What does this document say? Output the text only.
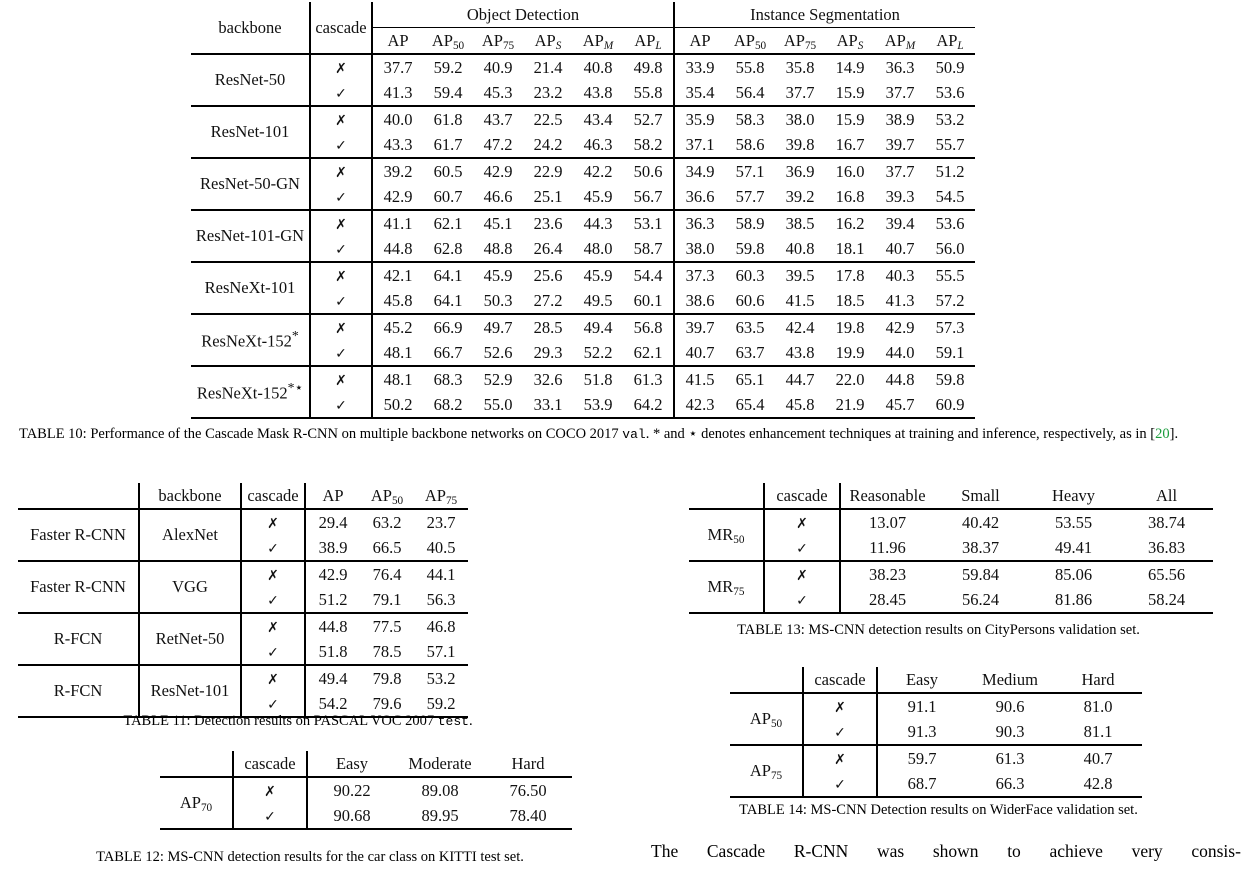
backbone	cascade	Object Detection						Instance Segmentation					
		AP	$AP_{50}$	$AP_{75}$	$AP_S$	$AP_M$	$AP_L$	AP	$AP_{50}$	$AP_{75}$	$AP_S$	$AP_M$	$AP_L$
ResNet-50	✗	37.7	59.2	40.9	21.4	40.8	49.8	33.9	55.8	35.8	14.9	36.3	50.9
	✓	41.3	59.4	45.3	23.2	43.8	55.8	35.4	56.4	37.7	15.9	37.7	53.6
ResNet-101	✗	40.0	61.8	43.7	22.5	43.4	52.7	35.9	58.3	38.0	15.9	38.9	53.2
	✓	43.3	61.7	47.2	24.2	46.3	58.2	37.1	58.6	39.8	16.7	39.7	55.7
ResNet-50-GN	✗	39.2	60.5	42.9	22.9	42.2	50.6	34.9	57.1	36.9	16.0	37.7	51.2
	✓	42.9	60.7	46.6	25.1	45.9	56.7	36.6	57.7	39.2	16.8	39.3	54.5
ResNet-101-GN	✗	41.1	62.1	45.1	23.6	44.3	53.1	36.3	58.9	38.5	16.2	39.4	53.6
	✓	44.8	62.8	48.8	26.4	48.0	58.7	38.0	59.8	40.8	18.1	40.7	56.0
ResNeXt-101	✗	42.1	64.1	45.9	25.6	45.9	54.4	37.3	60.3	39.5	17.8	40.3	55.5
	✓	45.8	64.1	50.3	27.2	49.5	60.1	38.6	60.6	41.5	18.5	41.3	57.2
ResNeXt-152*	✗	45.2	66.9	49.7	28.5	49.4	56.8	39.7	63.5	42.4	19.8	42.9	57.3
	✓	48.1	66.7	52.6	29.3	52.2	62.1	40.7	63.7	43.8	19.9	44.0	59.1
ResNeXt-152*⋆	✗	48.1	68.3	52.9	32.6	51.8	61.3	41.5	65.1	44.7	22.0	44.8	59.8
	✓	50.2	68.2	55.0	33.1	53.9	64.2	42.3	65.4	45.8	21.9	45.7	60.9

TABLE 10: Performance of the Cascade Mask R-CNN on multiple backbone networks on COCO 2017 val. * and ⋆ denotes enhancement techniques at training and inference, respectively, as in [20].
	backbone	cascade	AP	$AP_{50}$	$AP_{75}$
Faster R-CNN	AlexNet	✗	29.4	63.2	23.7
		✓	38.9	66.5	40.5
Faster R-CNN	VGG	✗	42.9	76.4	44.1
		✓	51.2	79.1	56.3
R-FCN	RetNet-50	✗	44.8	77.5	46.8
		✓	51.8	78.5	57.1
R-FCN	ResNet-101	✗	49.4	79.8	53.2
		✓	54.2	79.6	59.2

TABLE 11: Detection results on PASCAL VOC 2007 test.
	cascade	Easy	Moderate	Hard
$AP_{70}$	✗	90.22	89.08	76.50
	✓	90.68	89.95	78.40

TABLE 12: MS-CNN detection results for the car class on KITTI test set.
	cascade	Reasonable	Small	Heavy	All
$MR_{50}$	✗	13.07	40.42	53.55	38.74
	✓	11.96	38.37	49.41	36.83
$MR_{75}$	✗	38.23	59.84	85.06	65.56
	✓	28.45	56.24	81.86	58.24

TABLE 13: MS-CNN detection results on CityPersons validation set.
	cascade	Easy	Medium	Hard
$AP_{50}$	✗	91.1	90.6	81.0
	✓	91.3	90.3	81.1
$AP_{75}$	✗	59.7	61.3	40.7
	✓	68.7	66.3	42.8

TABLE 14: MS-CNN Detection results on WiderFace validation set.
The Cascade R-CNN was shown to achieve very consis-
